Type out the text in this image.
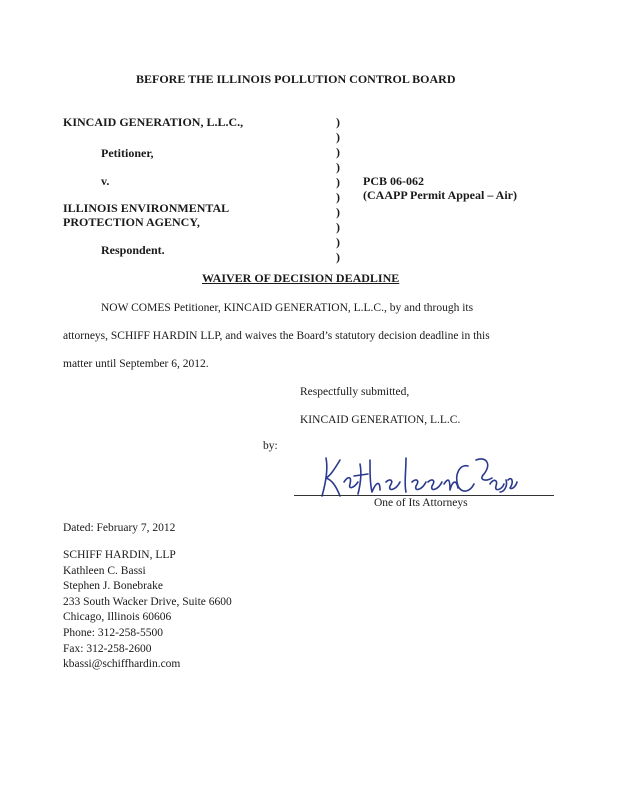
BEFORE THE ILLINOIS POLLUTION CONTROL BOARD
KINCAID GENERATION, L.L.C.,
Petitioner,
v.
ILLINOIS ENVIRONMENTAL
PROTECTION AGENCY,
Respondent.
)
)
)
)
)
)
)
)
)
)
PCB 06-062
(CAAPP Permit Appeal – Air)
WAIVER OF DECISION DEADLINE
NOW COMES Petitioner, KINCAID GENERATION, L.L.C., by and through its
attorneys, SCHIFF HARDIN LLP, and waives the Board’s statutory decision deadline in this
matter until September 6, 2012.
Respectfully submitted,
KINCAID GENERATION, L.L.C.
by:
One of Its Attorneys
Dated: February 7, 2012
SCHIFF HARDIN, LLP
Kathleen C. Bassi
Stephen J. Bonebrake
233 South Wacker Drive, Suite 6600
Chicago, Illinois 60606
Phone: 312-258-5500
Fax: 312-258-2600
kbassi@schiffhardin.com
